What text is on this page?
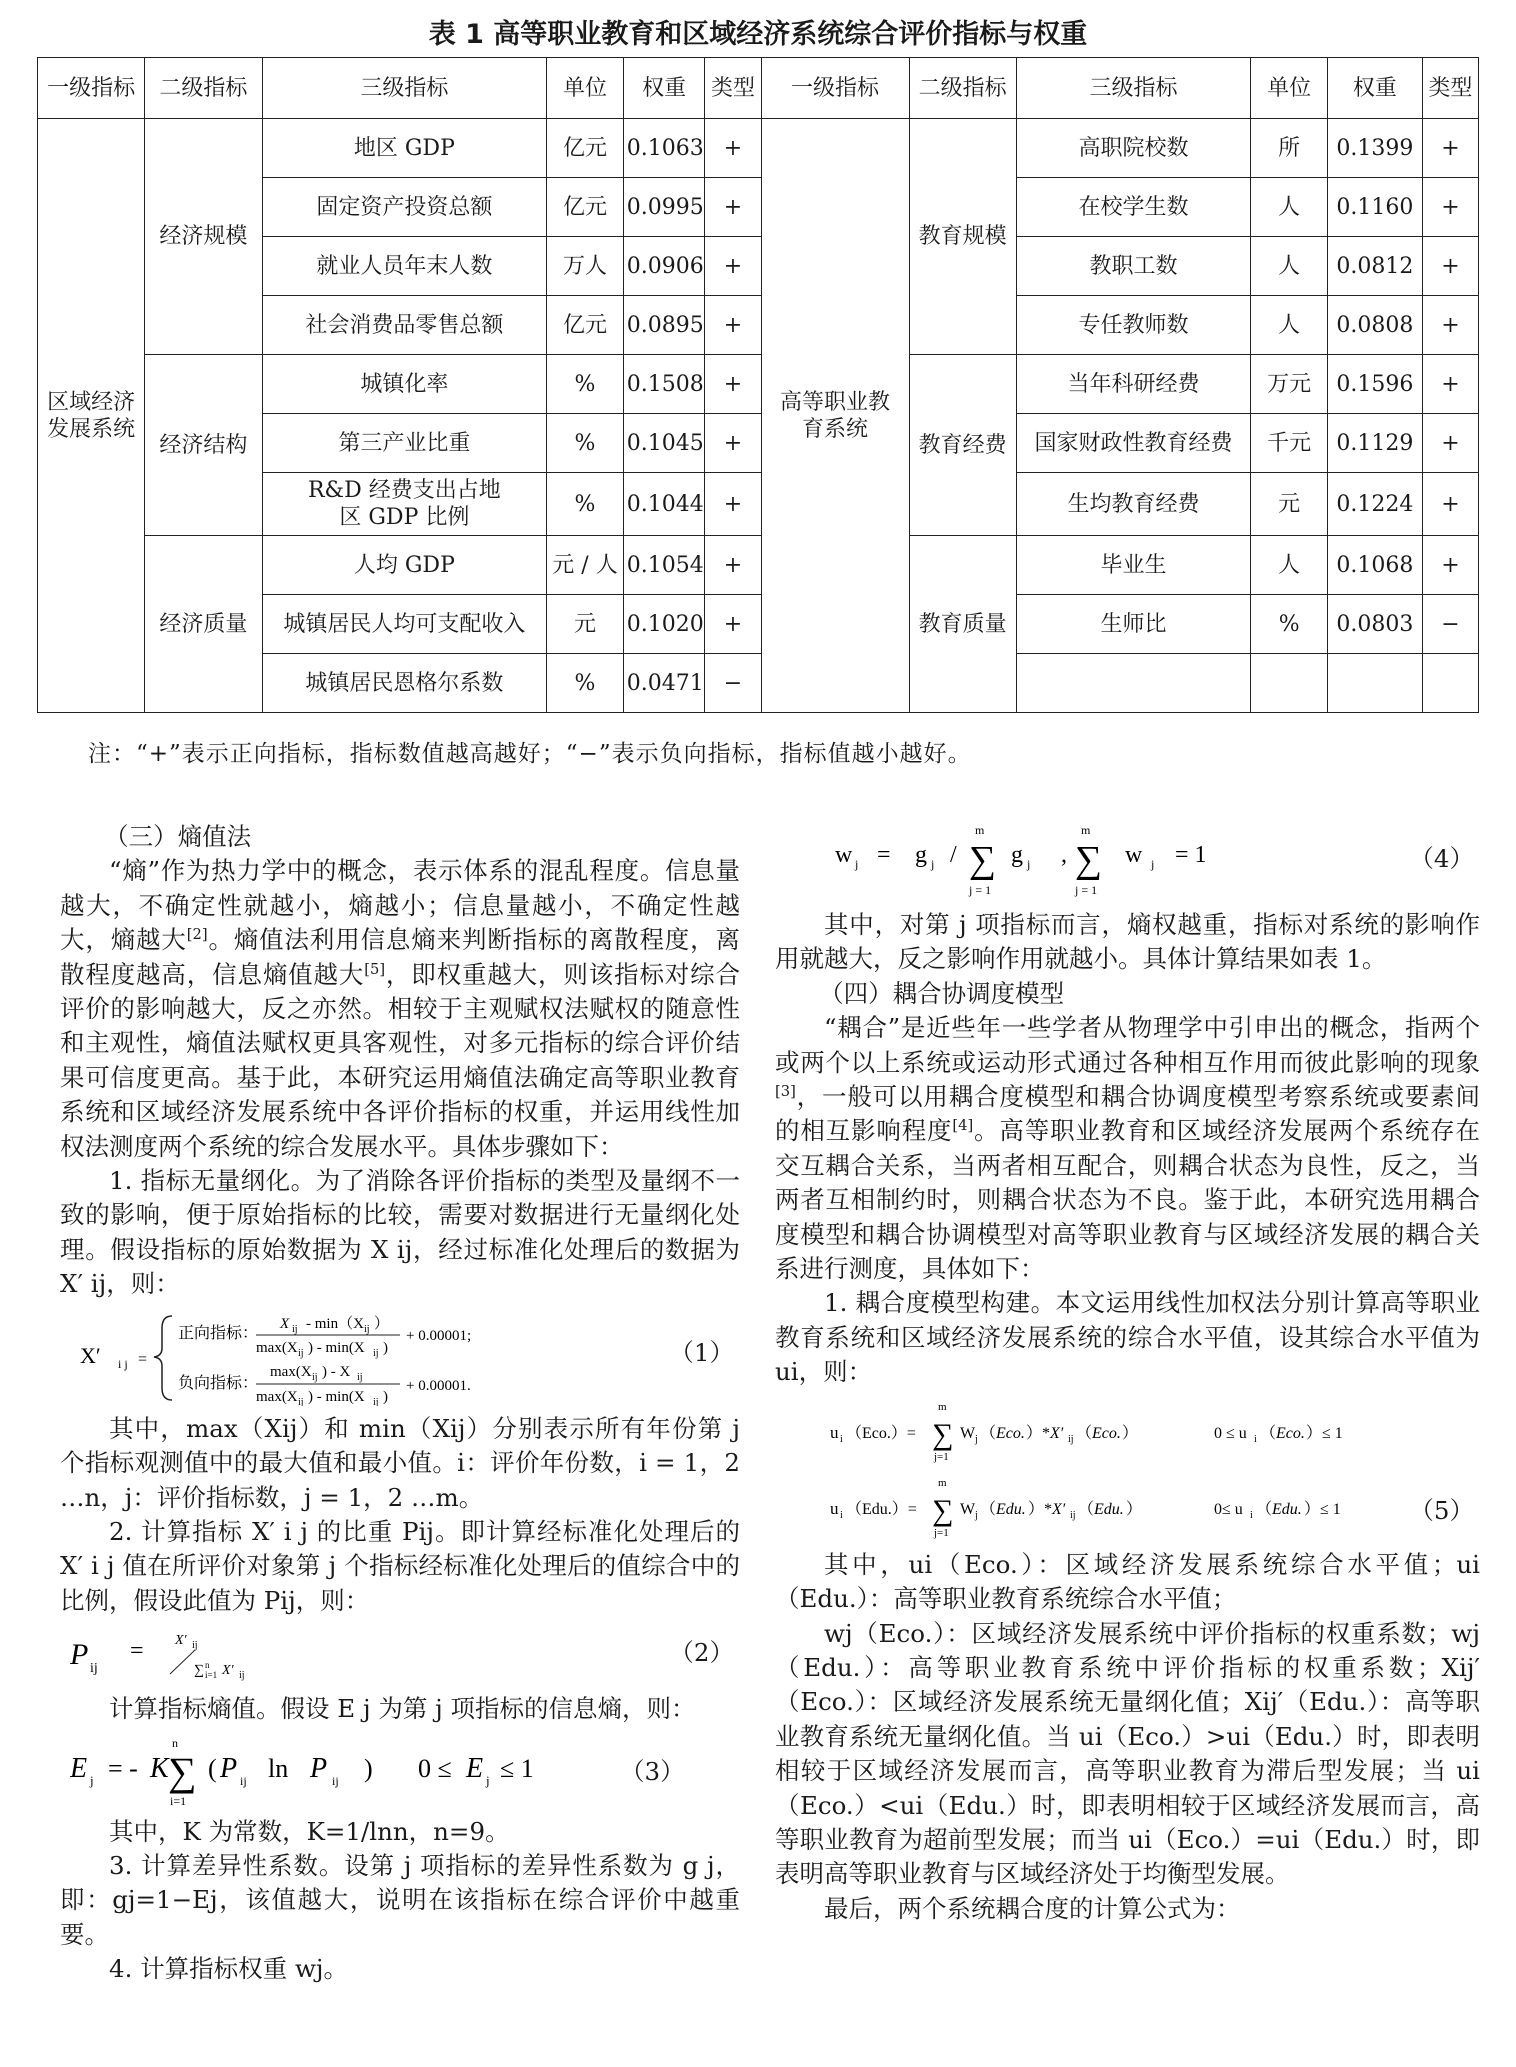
表 1 高等职业教育和区域经济系统综合评价指标与权重
一级指标	二级指标	三级指标	单位	权重	类型	一级指标	二级指标	三级指标	单位	权重	类型
区域经济发展系统	经济规模	地区 GDP	亿元	0.1063	+	高等职业教育系统	教育规模	高职院校数	所	0.1399	+
		固定资产投资总额	亿元	0.0995	+			在校学生数	人	0.1160	+
		就业人员年末人数	万人	0.0906	+			教职工数	人	0.0812	+
		社会消费品零售总额	亿元	0.0895	+			专任教师数	人	0.0808	+
	经济结构	城镇化率	%	0.1508	+		教育经费	当年科研经费	万元	0.1596	+
		第三产业比重	%	0.1045	+			国家财政性教育经费	千元	0.1129	+
		R&D 经费支出占地区 GDP 比例	%	0.1044	+			生均教育经费	元	0.1224	+
	经济质量	人均 GDP	元 / 人	0.1054	+		教育质量	毕业生	人	0.1068	+
		城镇居民人均可支配收入	元	0.1020	+			生师比	%	0.0803	−
		城镇居民恩格尔系数	%	0.0471	−						
注：“+”表示正向指标，指标数值越高越好；“−”表示负向指标，指标值越小越好。

（三）熵值法

“熵”作为热力学中的概念，表示体系的混乱程度。信息量越大，不确定性就越小，熵越小；信息量越小，不确定性越大，熵越大[2]。熵值法利用信息熵来判断指标的离散程度，离散程度越高，信息熵值越大[5]，即权重越大，则该指标对综合评价的影响越大，反之亦然。相较于主观赋权法赋权的随意性和主观性，熵值法赋权更具客观性，对多元指标的综合评价结果可信度更高。基于此，本研究运用熵值法确定高等职业教育系统和区域经济发展系统中各评价指标的权重，并运用线性加权法测度两个系统的综合发展水平。具体步骤如下：

1. 指标无量纲化。为了消除各评价指标的类型及量纲不一致的影响，便于原始指标的比较，需要对数据进行无量纲化处理。假设指标的原始数据为 X ij，经过标准化处理后的数据为 X′ ij，则：

X′ i j =
正向指标： X ij - min（X ij ）
max(X ij ) - min(X ij )
+ 0.00001;
负向指标：
max(X ij ) - X ij
max(X ij ) - min(X ij )
+ 0.00001.
（1）

其中，max（Xij）和 min（Xij）分别表示所有年份第 j 个指标观测值中的最大值和最小值。i：评价年份数，i = 1，2 …n，j：评价指标数，j = 1，2 …m。

2. 计算指标 X′ i j 的比重 Pij。即计算经标准化处理后的 X′ i j 值在所评价对象第 j 个指标经标准化处理后的值综合中的比例，假设此值为 Pij，则：

P ij
= X′ ij
∑ n
i=1 X′ ij
（2）

计算指标熵值。假设 E j 为第 j 项指标的信息熵，则：

E j = - K
n
∑
i=1
( P ij ln P ij ) 0 ≤ E j ≤ 1	（3）

其中，K 为常数，K=1/lnn，n=9。

3. 计算差异性系数。设第 j 项指标的差异性系数为 g j，即：gj=1−Ej，该值越大，说明在该指标在综合评价中越重要。

4. 计算指标权重 wj。

w j = g j /
m
∑
j = 1
g j ,
m
∑
j = 1
w j = 1	（4）

其中，对第 j 项指标而言，熵权越重，指标对系统的影响作用就越大，反之影响作用就越小。具体计算结果如表 1。

（四）耦合协调度模型

“耦合”是近些年一些学者从物理学中引申出的概念，指两个或两个以上系统或运动形式通过各种相互作用而彼此影响的现象[3]，一般可以用耦合度模型和耦合协调度模型考察系统或要素间的相互影响程度[4]。高等职业教育和区域经济发展两个系统存在交互耦合关系，当两者相互配合，则耦合状态为良性，反之，当两者互相制约时，则耦合状态为不良。鉴于此，本研究选用耦合度模型和耦合协调模型对高等职业教育与区域经济发展的耦合关系进行测度，具体如下：

1. 耦合度模型构建。本文运用线性加权法分别计算高等职业教育系统和区域经济发展系统的综合水平值，设其综合水平值为 ui，则：

u i （Eco.）=
m
∑
j=1
W j （ Eco. ）* X′ ij （ Eco. ）	0 ≤ u i （ Eco. ）≤ 1
u i （Edu.）=
m
∑
j=1
W j （ Edu. ）* X′ ij （ Edu. ）	0≤ u i （ Edu. ）≤ 1	（5）

其中，ui（Eco.）：区域经济发展系统综合水平值；ui（Edu.）：高等职业教育系统综合水平值；

wj（Eco.）：区域经济发展系统中评价指标的权重系数；wj（Edu.）：高等职业教育系统中评价指标的权重系数；Xij′（Eco.）：区域经济发展系统无量纲化值；Xij′（Edu.）：高等职业教育系统无量纲化值。当 ui（Eco.）>ui（Edu.）时，即表明相较于区域经济发展而言，高等职业教育为滞后型发展；当 ui（Eco.）<ui（Edu.）时，即表明相较于区域经济发展而言，高等职业教育为超前型发展；而当 ui（Eco.）=ui（Edu.）时，即表明高等职业教育与区域经济处于均衡型发展。

最后，两个系统耦合度的计算公式为：
